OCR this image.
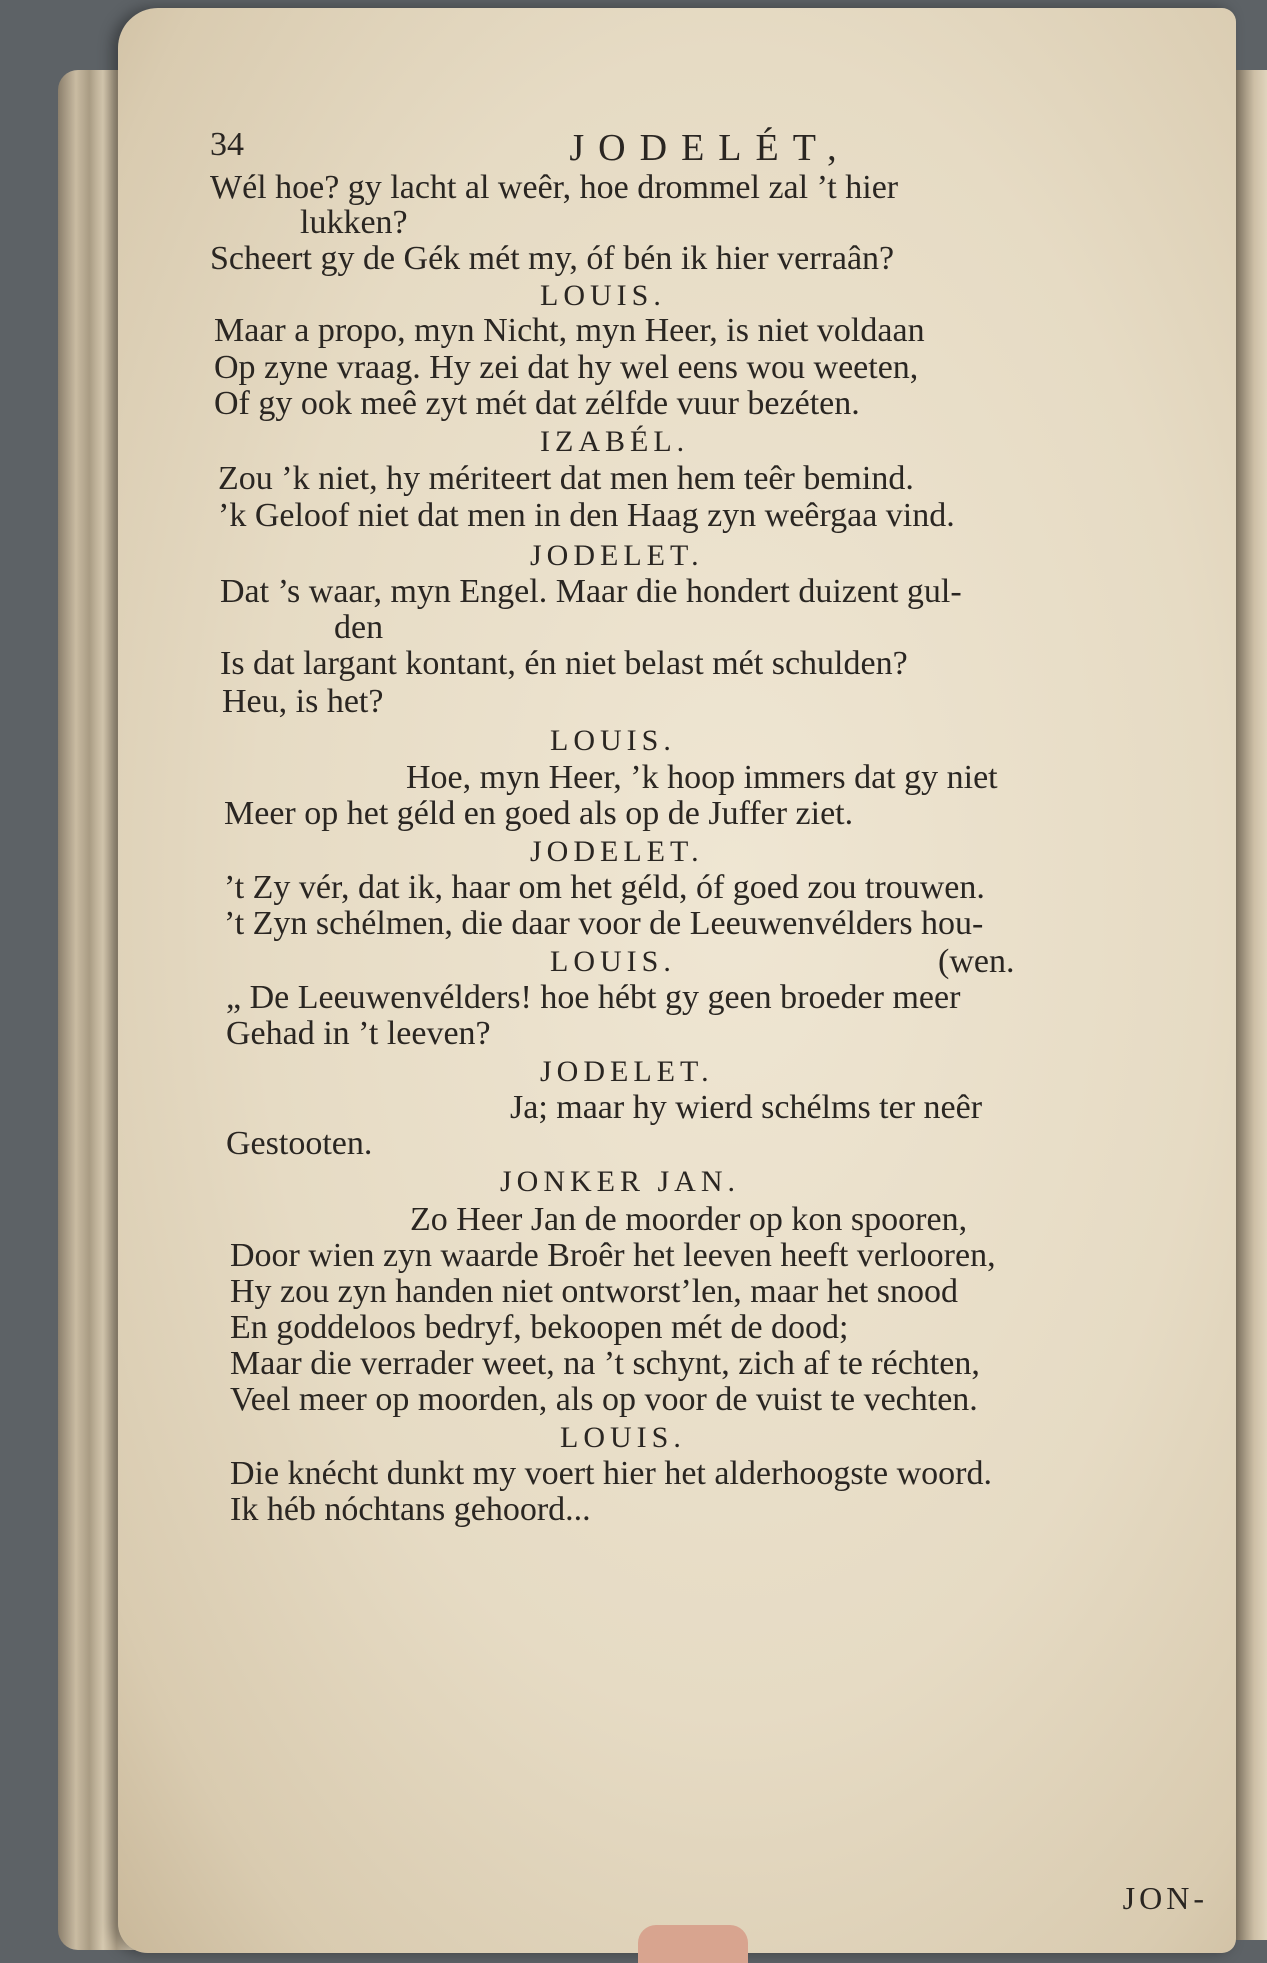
34	JODELÉT,
Wél hoe? gy lacht al weêr, hoe drommel zal ’t hier
lukken?
Scheert gy de Gék mét my, óf bén ik hier verraân?
LOUIS.
Maar a propo, myn Nicht, myn Heer, is niet voldaan
Op zyne vraag. Hy zei dat hy wel eens wou weeten,
Of gy ook meê zyt mét dat zélfde vuur bezéten.
IZABÉL.
Zou ’k niet, hy mériteert dat men hem teêr bemind.
’k Geloof niet dat men in den Haag zyn weêrgaa vind.
JODELET.
Dat ’s waar, myn Engel. Maar die hondert duizent gul-
den
Is dat largant kontant, én niet belast mét schulden?
Heu, is het?
LOUIS.
Hoe, myn Heer, ’k hoop immers dat gy niet
Meer op het géld en goed als op de Juffer ziet.
JODELET.
’t Zy vér, dat ik, haar om het géld, óf goed zou trouwen.
’t Zyn schélmen, die daar voor de Leeuwenvélders hou-
LOUIS.	(wen.
„ De Leeuwenvélders! hoe hébt gy geen broeder meer
Gehad in ’t leeven?
JODELET.
Ja; maar hy wierd schélms ter neêr
Gestooten.
JONKER JAN.
Zo Heer Jan de moorder op kon spooren,
Door wien zyn waarde Broêr het leeven heeft verlooren,
Hy zou zyn handen niet ontworst’len, maar het snood
En goddeloos bedryf, bekoopen mét de dood;
Maar die verrader weet, na ’t schynt, zich af te réchten,
Veel meer op moorden, als op voor de vuist te vechten.
LOUIS.
Die knécht dunkt my voert hier het alderhoogste woord.
Ik héb nóchtans gehoord...
JON-
